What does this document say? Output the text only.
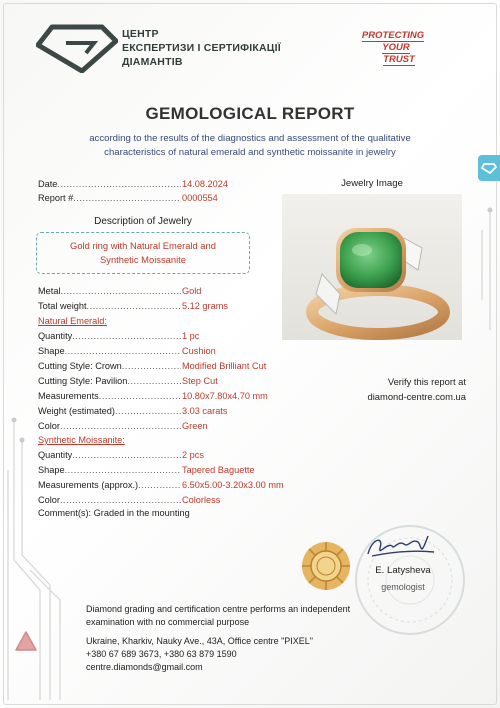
ЦЕНТР
ЕКСПЕРТИЗИ І СЕРТИФІКАЦІЇ
ДІАМАНТІВ
PROTECTING
YOUR
TRUST
GEMOLOGICAL REPORT
according to the results of the diagnostics and assessment of the qualitative
characteristics of natural emerald and synthetic moissanite in jewelry
Date .....	14.08.2024
Report # .....	0000554
Description of Jewelry
Gold ring with Natural Emerald and
Synthetic Moissanite
Metal .....	Gold
Total weight .....	5.12 grams
Natural Emerald:
Quantity .....	1 pc
Shape .....	Cushion
Cutting Style: Crown .....	Modified Brilliant Cut
Cutting Style: Pavilion .....	Step Cut
Measurements .....	10.80x7.80x4.70 mm
Weight (estimated) .....	3.03 carats
Color .....	Green
Synthetic Moissanite:
Quantity .....	2 pcs
Shape .....	Tapered Baguette
Measurements (approx.) .....	6.50x5.00-3.20x3.00 mm
Color .....	Colorless
Comment(s): Graded in the mounting
Jewelry Image
Verify this report at
diamond-centre.com.ua
E. Latysheva
gemologist
Diamond grading and certification centre performs an independent
examination with no commercial purpose
Ukraine, Kharkiv, Nauky Ave., 43A, Office centre "PIXEL"
+380 67 689 3673, +380 63 879 1590
centre.diamonds@gmail.com
